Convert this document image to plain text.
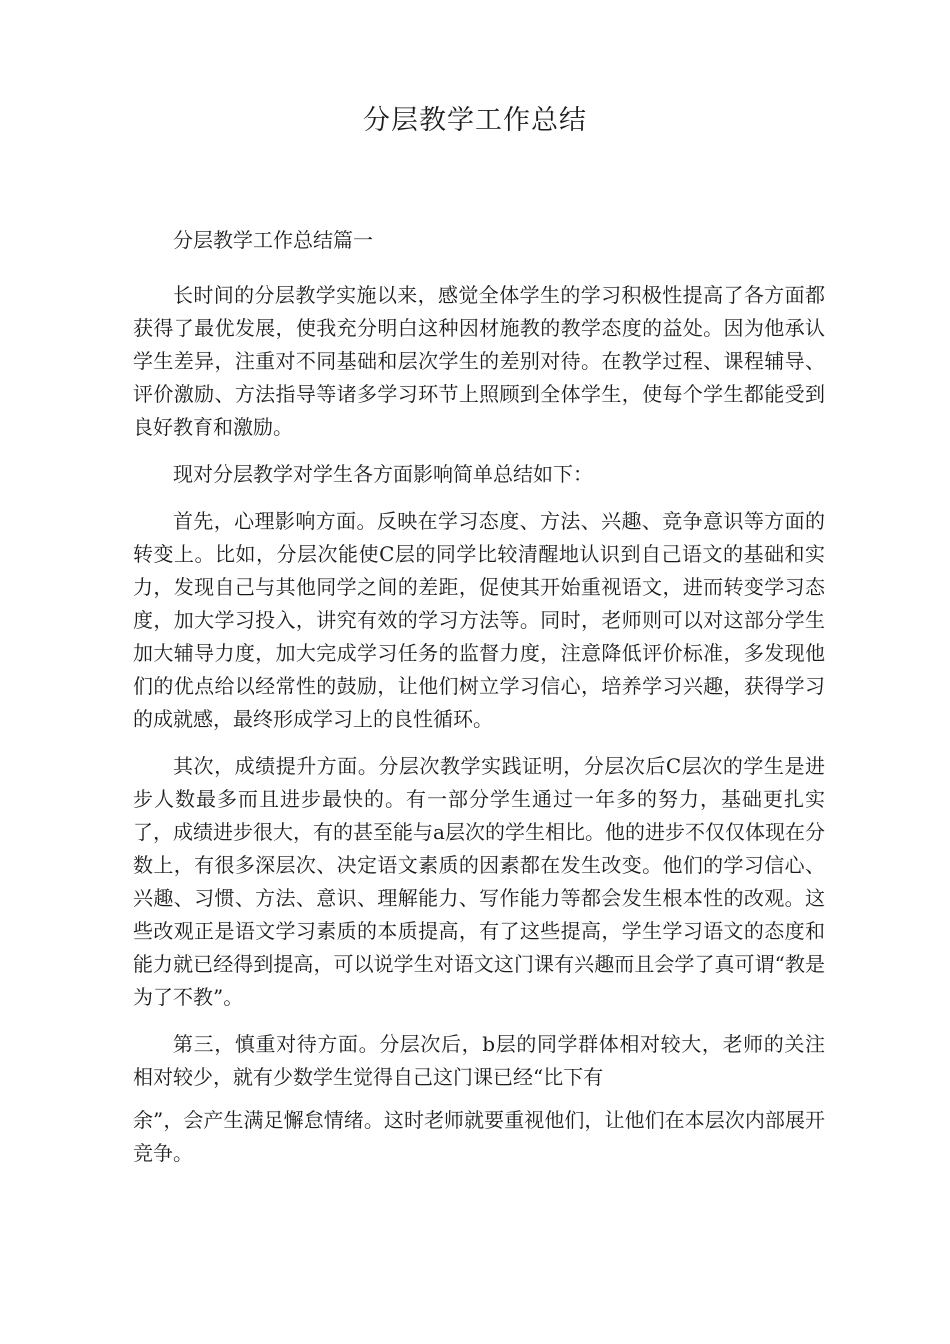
分层教学工作总结

分层教学工作总结篇一

长时间的分层教学实施以来，感觉全体学生的学习积极性提高了各方面都获得了最优发展，使我充分明白这种因材施教的教学态度的益处。因为他承认学生差异，注重对不同基础和层次学生的差别对待。在教学过程、课程辅导、评价激励、方法指导等诸多学习环节上照顾到全体学生，使每个学生都能受到良好教育和激励。

现对分层教学对学生各方面影响简单总结如下：

首先，心理影响方面。反映在学习态度、方法、兴趣、竞争意识等方面的转变上。比如，分层次能使C层的同学比较清醒地认识到自己语文的基础和实力，发现自己与其他同学之间的差距，促使其开始重视语文，进而转变学习态度，加大学习投入，讲究有效的学习方法等。同时，老师则可以对这部分学生加大辅导力度，加大完成学习任务的监督力度，注意降低评价标准，多发现他们的优点给以经常性的鼓励，让他们树立学习信心，培养学习兴趣，获得学习的成就感，最终形成学习上的良性循环。

其次，成绩提升方面。分层次教学实践证明，分层次后C层次的学生是进步人数最多而且进步最快的。有一部分学生通过一年多的努力，基础更扎实了，成绩进步很大，有的甚至能与a层次的学生相比。他的进步不仅仅体现在分数上，有很多深层次、决定语文素质的因素都在发生改变。他们的学习信心、兴趣、习惯、方法、意识、理解能力、写作能力等都会发生根本性的改观。这些改观正是语文学习素质的本质提高，有了这些提高，学生学习语文的态度和能力就已经得到提高，可以说学生对语文这门课有兴趣而且会学了真可谓“教是为了不教”。

第三，慎重对待方面。分层次后，b层的同学群体相对较大，老师的关注相对较少，就有少数学生觉得自己这门课已经“比下有

余”，会产生满足懈怠情绪。这时老师就要重视他们，让他们在本层次内部展开竞争。
